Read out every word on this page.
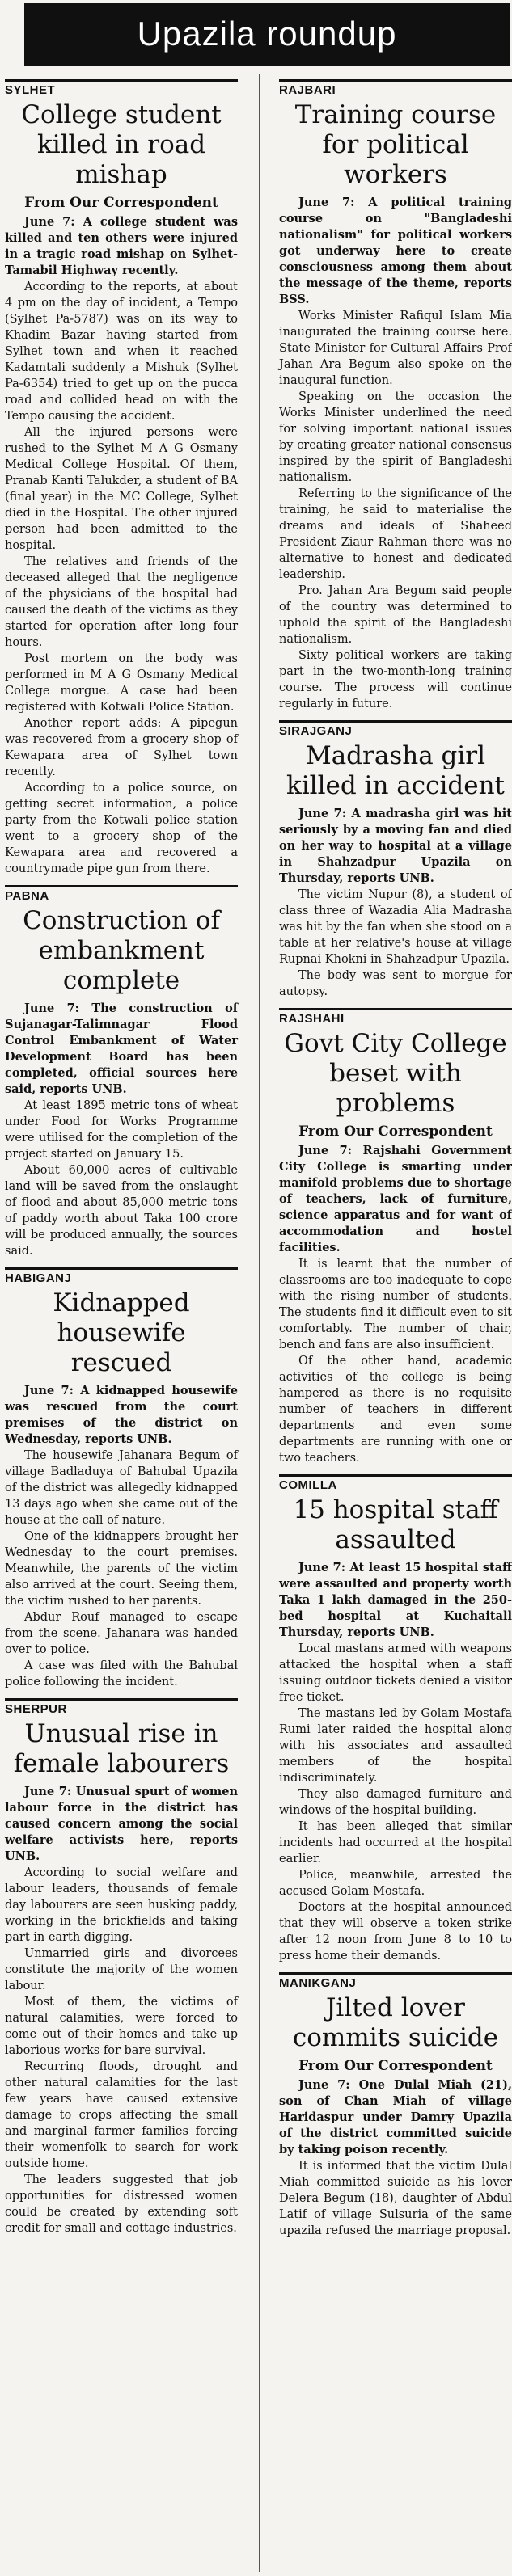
Upazila roundup
SYLHET
College student killed in road mishap
From Our Correspondent

June 7: A college student was killed and ten others were injured in a tragic road mishap on Sylhet-Tamabil Highway recently.

According to the reports, at about 4 pm on the day of incident, a Tempo (Sylhet Pa-5787) was on its way to Khadim Bazar having started from Sylhet town and when it reached Kadamtali suddenly a Mishuk (Sylhet Pa-6354) tried to get up on the pucca road and collided head on with the Tempo causing the accident.

All the injured persons were rushed to the Sylhet M A G Osmany Medical College Hospital. Of them, Pranab Kanti Talukder, a student of BA (final year) in the MC College, Sylhet died in the Hospital. The other injured person had been admitted to the hospital.

The relatives and friends of the deceased alleged that the negligence of the physicians of the hospital had caused the death of the victims as they started for operation after long four hours.

Post mortem on the body was performed in M A G Osmany Medical College morgue. A case had been registered with Kotwali Police Station.

Another report adds: A pipegun was recovered from a grocery shop of Kewapara area of Sylhet town recently.

According to a police source, on getting secret information, a police party from the Kotwali police station went to a grocery shop of the Kewapara area and recovered a countrymade pipe gun from there.

PABNA
Construction of embankment complete

June 7: The construction of Sujanagar-Talimnagar Flood Control Embankment of Water Development Board has been completed, official sources here said, reports UNB.

At least 1895 metric tons of wheat under Food for Works Programme were utilised for the completion of the project started on January 15.

About 60,000 acres of cultivable land will be saved from the onslaught of flood and about 85,000 metric tons of paddy worth about Taka 100 crore will be produced annually, the sources said.

HABIGANJ
Kidnapped housewife rescued

June 7: A kidnapped housewife was rescued from the court premises of the district on Wednesday, reports UNB.

The housewife Jahanara Begum of village Badladuya of Bahubal Upazila of the district was allegedly kidnapped 13 days ago when she came out of the house at the call of nature.

One of the kidnappers brought her Wednesday to the court premises. Meanwhile, the parents of the victim also arrived at the court. Seeing them, the victim rushed to her parents.

Abdur Rouf managed to escape from the scene. Jahanara was handed over to police.

A case was filed with the Bahubal police following the incident.

SHERPUR
Unusual rise in female labourers

June 7: Unusual spurt of women labour force in the district has caused concern among the social welfare activists here, reports UNB.

According to social welfare and labour leaders, thousands of female day labourers are seen husking paddy, working in the brickfields and taking part in earth digging.

Unmarried girls and divorcees constitute the majority of the women labour.

Most of them, the victims of natural calamities, were forced to come out of their homes and take up laborious works for bare survival.

Recurring floods, drought and other natural calamities for the last few years have caused extensive damage to crops affecting the small and marginal farmer families forcing their womenfolk to search for work outside home.

The leaders suggested that job opportunities for distressed women could be created by extending soft credit for small and cottage industries.

RAJBARI
Training course for political workers

June 7: A political training course on "Bangladeshi nationalism" for political workers got underway here to create consciousness among them about the message of the theme, reports BSS.

Works Minister Rafiqul Islam Mia inaugurated the training course here. State Minister for Cultural Affairs Prof Jahan Ara Begum also spoke on the inaugural function.

Speaking on the occasion the Works Minister underlined the need for solving important national issues by creating greater national consensus inspired by the spirit of Bangladeshi nationalism.

Referring to the significance of the training, he said to materialise the dreams and ideals of Shaheed President Ziaur Rahman there was no alternative to honest and dedicated leadership.

Pro. Jahan Ara Begum said people of the country was determined to uphold the spirit of the Bangladeshi nationalism.

Sixty political workers are taking part in the two-month-long training course. The process will continue regularly in future.

SIRAJGANJ
Madrasha girl killed in accident

June 7: A madrasha girl was hit seriously by a moving fan and died on her way to hospital at a village in Shahzadpur Upazila on Thursday, reports UNB.

The victim Nupur (8), a student of class three of Wazadia Alia Madrasha was hit by the fan when she stood on a table at her relative's house at village Rupnai Khokni in Shahzadpur Upazila.

The body was sent to morgue for autopsy.

RAJSHAHI
Govt City College beset with problems
From Our Correspondent

June 7: Rajshahi Government City College is smarting under manifold problems due to shortage of teachers, lack of furniture, science apparatus and for want of accommodation and hostel facilities.

It is learnt that the number of classrooms are too inadequate to cope with the rising number of students. The students find it difficult even to sit comfortably. The number of chair, bench and fans are also insufficient.

Of the other hand, academic activities of the college is being hampered as there is no requisite number of teachers in different departments and even some departments are running with one or two teachers.

COMILLA
15 hospital staff assaulted

June 7: At least 15 hospital staff were assaulted and property worth Taka 1 lakh damaged in the 250-bed hospital at Kuchaitall Thursday, reports UNB.

Local mastans armed with weapons attacked the hospital when a staff issuing outdoor tickets denied a visitor free ticket.

The mastans led by Golam Mostafa Rumi later raided the hospital along with his associates and assaulted members of the hospital indiscriminately.

They also damaged furniture and windows of the hospital building.

It has been alleged that similar incidents had occurred at the hospital earlier.

Police, meanwhile, arrested the accused Golam Mostafa.

Doctors at the hospital announced that they will observe a token strike after 12 noon from June 8 to 10 to press home their demands.

MANIKGANJ
Jilted lover commits suicide
From Our Correspondent

June 7: One Dulal Miah (21), son of Chan Miah of village Haridaspur under Damry Upazila of the district committed suicide by taking poison recently.

It is informed that the victim Dulal Miah committed suicide as his lover Delera Begum (18), daughter of Abdul Latif of village Sulsuria of the same upazila refused the marriage proposal.
